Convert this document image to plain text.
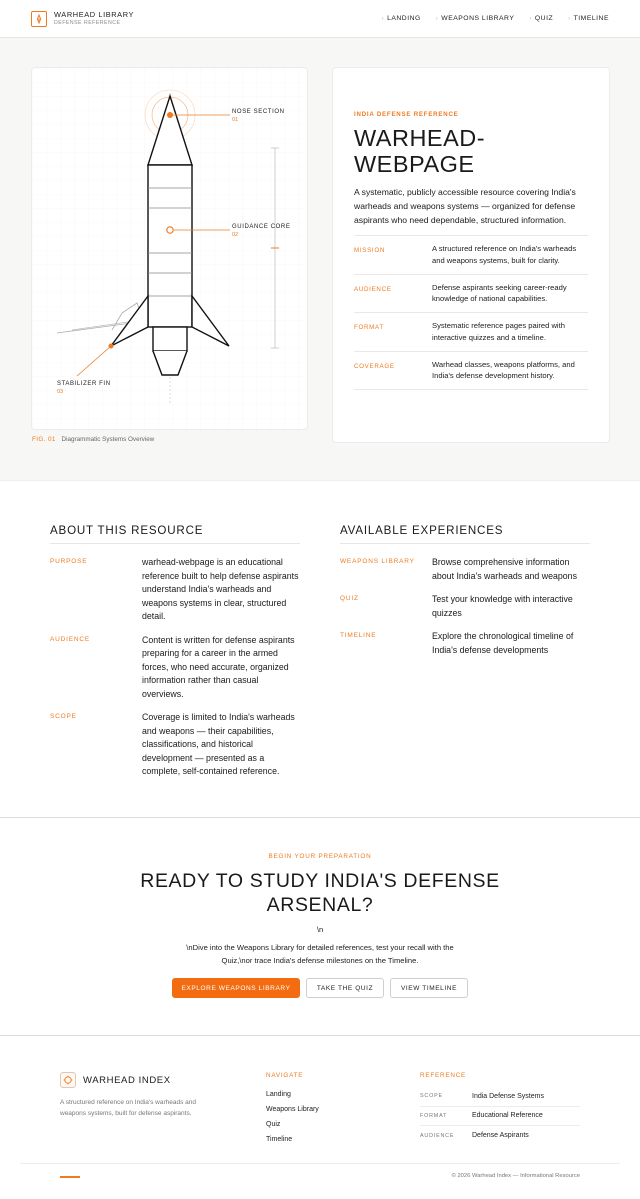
WARHEAD LIBRARY
DEFENSE REFERENCE
› LANDING	› WEAPONS LIBRARY	› QUIZ	› TIMELINE
NOSE SECTION
01
GUIDANCE CORE
02
STABILIZER FIN
03
FIG. 01 Diagrammatic Systems Overview
INDIA DEFENSE REFERENCE
WARHEAD-
WEBPAGE

A systematic, publicly accessible resource covering India's warheads and weapons systems — organized for defense aspirants who need dependable, structured information.

MISSION	A structured reference on India's warheads and weapons systems, built for clarity.
AUDIENCE	Defense aspirants seeking career-ready knowledge of national capabilities.
FORMAT	Systematic reference pages paired with interactive quizzes and a timeline.
COVERAGE	Warhead classes, weapons platforms, and India's defense development history.
ABOUT THIS RESOURCE
PURPOSE	warhead-webpage is an educational reference built to help defense aspirants understand India's warheads and weapons systems in clear, structured detail.
AUDIENCE	Content is written for defense aspirants preparing for a career in the armed forces, who need accurate, organized information rather than casual overviews.
SCOPE	Coverage is limited to India's warheads and weapons — their capabilities, classifications, and historical development — presented as a complete, self-contained reference.
AVAILABLE EXPERIENCES
WEAPONS LIBRARY	Browse comprehensive information about India's warheads and weapons
QUIZ	Test your knowledge with interactive quizzes
TIMELINE	Explore the chronological timeline of India's defense developments
BEGIN YOUR PREPARATION
READY TO STUDY INDIA'S DEFENSE
ARSENAL?
\n

\nDive into the Weapons Library for detailed references, test your recall with the Quiz,\nor trace India's defense milestones on the Timeline.

EXPLORE WEAPONS LIBRARY	TAKE THE QUIZ	VIEW TIMELINE
WARHEAD INDEX

A structured reference on India's warheads and weapons systems, built for defense aspirants.

NAVIGATE
Landing
Weapons Library
Quiz
Timeline
REFERENCE
SCOPE	India Defense Systems
FORMAT	Educational Reference
AUDIENCE	Defense Aspirants
© 2026 Warhead Index — Informational Resource
